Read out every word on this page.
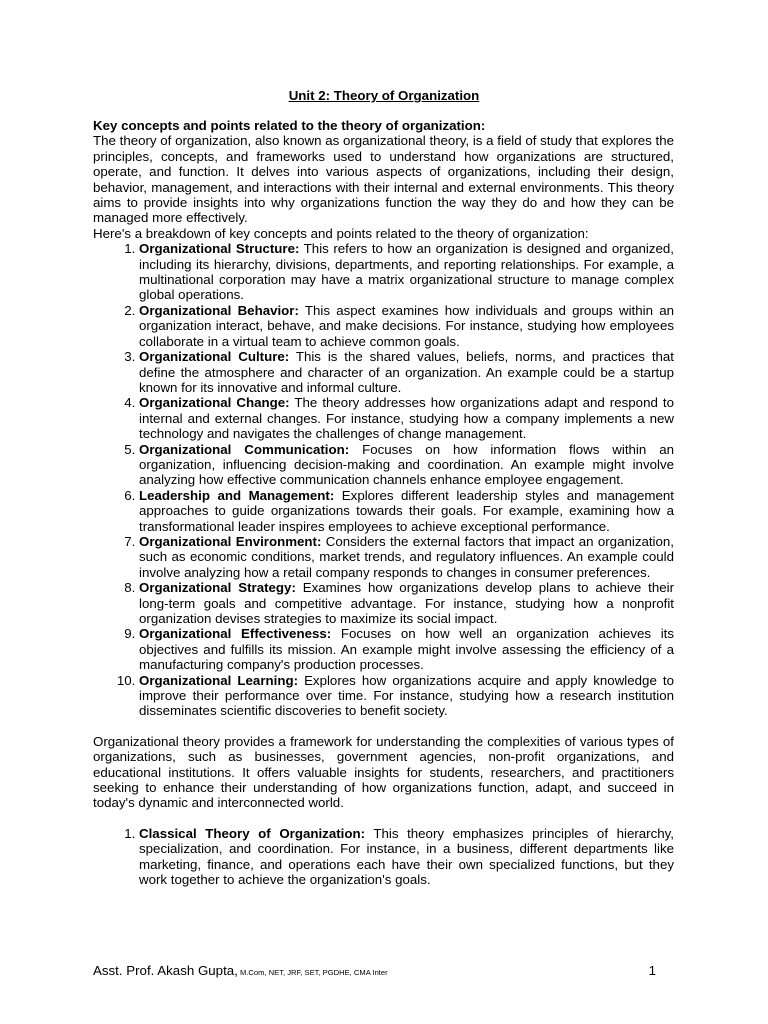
Unit 2: Theory of Organization

Key concepts and points related to the theory of organization:

The theory of organization, also known as organizational theory, is a field of study that explores the principles, concepts, and frameworks used to understand how organizations are structured, operate, and function. It delves into various aspects of organizations, including their design, behavior, management, and interactions with their internal and external environments. This theory aims to provide insights into why organizations function the way they do and how they can be managed more effectively.

Here's a breakdown of key concepts and points related to the theory of organization:

1. Organizational Structure: This refers to how an organization is designed and organized, including its hierarchy, divisions, departments, and reporting relationships. For example, a multinational corporation may have a matrix organizational structure to manage complex global operations.
2. Organizational Behavior: This aspect examines how individuals and groups within an organization interact, behave, and make decisions. For instance, studying how employees collaborate in a virtual team to achieve common goals.
3. Organizational Culture: This is the shared values, beliefs, norms, and practices that define the atmosphere and character of an organization. An example could be a startup known for its innovative and informal culture.
4. Organizational Change: The theory addresses how organizations adapt and respond to internal and external changes. For instance, studying how a company implements a new technology and navigates the challenges of change management.
5. Organizational Communication: Focuses on how information flows within an organization, influencing decision-making and coordination. An example might involve analyzing how effective communication channels enhance employee engagement.
6. Leadership and Management: Explores different leadership styles and management approaches to guide organizations towards their goals. For example, examining how a transformational leader inspires employees to achieve exceptional performance.
7. Organizational Environment: Considers the external factors that impact an organization, such as economic conditions, market trends, and regulatory influences. An example could involve analyzing how a retail company responds to changes in consumer preferences.
8. Organizational Strategy: Examines how organizations develop plans to achieve their long-term goals and competitive advantage. For instance, studying how a nonprofit organization devises strategies to maximize its social impact.
9. Organizational Effectiveness: Focuses on how well an organization achieves its objectives and fulfills its mission. An example might involve assessing the efficiency of a manufacturing company's production processes.
10. Organizational Learning: Explores how organizations acquire and apply knowledge to improve their performance over time. For instance, studying how a research institution disseminates scientific discoveries to benefit society.

Organizational theory provides a framework for understanding the complexities of various types of organizations, such as businesses, government agencies, non-profit organizations, and educational institutions. It offers valuable insights for students, researchers, and practitioners seeking to enhance their understanding of how organizations function, adapt, and succeed in today's dynamic and interconnected world.

1. Classical Theory of Organization: This theory emphasizes principles of hierarchy, specialization, and coordination. For instance, in a business, different departments like marketing, finance, and operations each have their own specialized functions, but they work together to achieve the organization's goals.
Asst. Prof. Akash Gupta, M.Com, NET, JRF, SET, PGDHE, CMA Inter	1
